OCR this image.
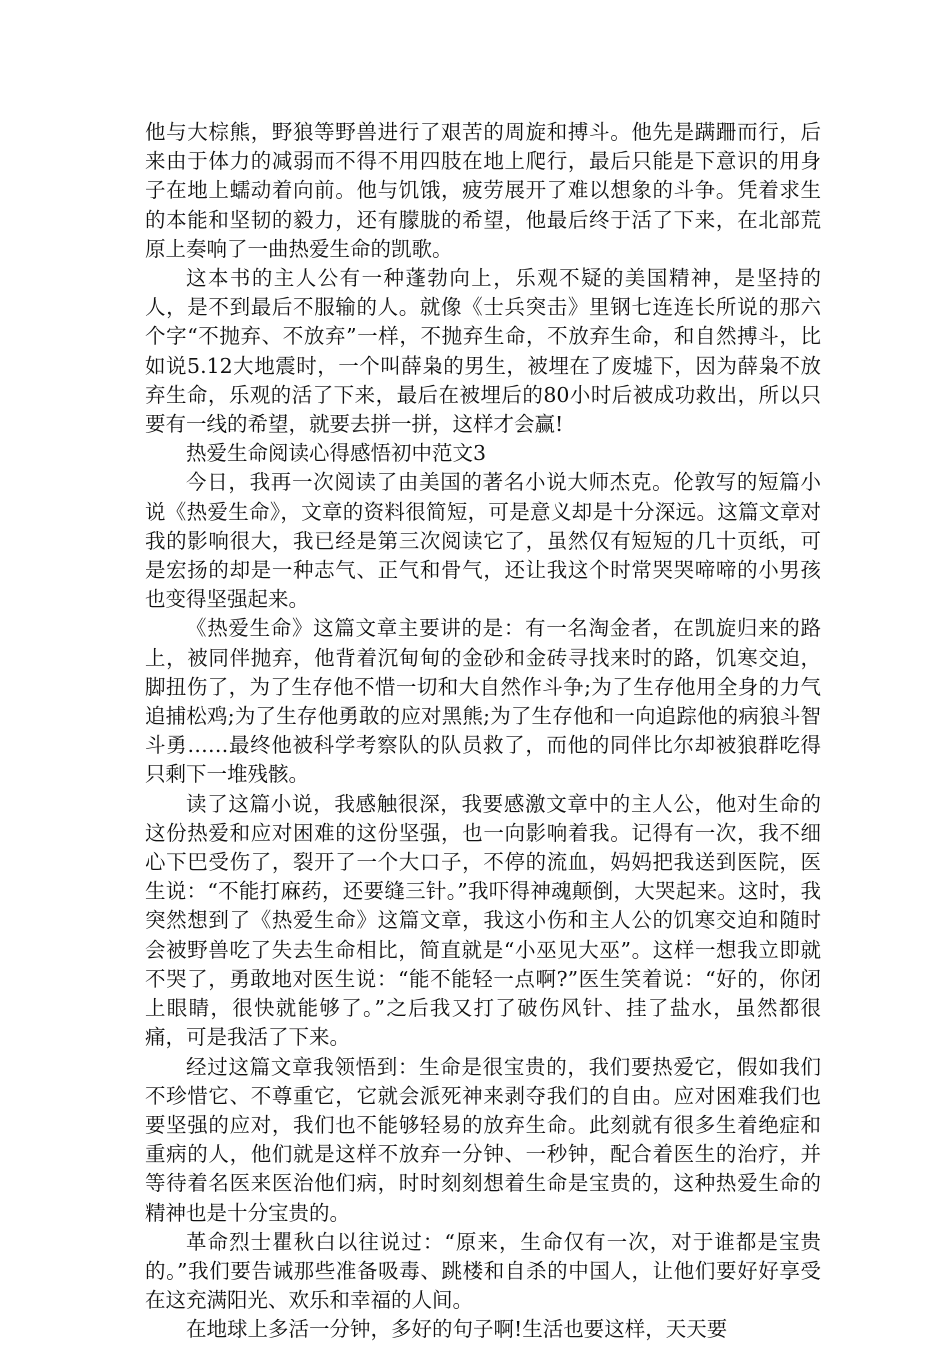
他与大棕熊，野狼等野兽进行了艰苦的周旋和搏斗。他先是蹒跚而行，后来由于体力的减弱而不得不用四肢在地上爬行，最后只能是下意识的用身子在地上蠕动着向前。他与饥饿，疲劳展开了难以想象的斗争。凭着求生的本能和坚韧的毅力，还有朦胧的希望，他最后终于活了下来，在北部荒原上奏响了一曲热爱生命的凯歌。

这本书的主人公有一种蓬勃向上，乐观不疑的美国精神，是坚持的人，是不到最后不服输的人。就像《士兵突击》里钢七连连长所说的那六个字“不抛弃、不放弃”一样，不抛弃生命，不放弃生命，和自然搏斗，比如说5.12大地震时，一个叫薛枭的男生，被埋在了废墟下，因为薛枭不放弃生命，乐观的活了下来，最后在被埋后的80小时后被成功救出，所以只要有一线的希望，就要去拼一拼，这样才会赢!

热爱生命阅读心得感悟初中范文3

今日，我再一次阅读了由美国的著名小说大师杰克。伦敦写的短篇小说《热爱生命》，文章的资料很简短，可是意义却是十分深远。这篇文章对我的影响很大，我已经是第三次阅读它了，虽然仅有短短的几十页纸，可是宏扬的却是一种志气、正气和骨气，还让我这个时常哭哭啼啼的小男孩也变得坚强起来。

《热爱生命》这篇文章主要讲的是：有一名淘金者，在凯旋归来的路上，被同伴抛弃，他背着沉甸甸的金砂和金砖寻找来时的路，饥寒交迫，脚扭伤了，为了生存他不惜一切和大自然作斗争;为了生存他用全身的力气追捕松鸡;为了生存他勇敢的应对黑熊;为了生存他和一向追踪他的病狼斗智斗勇……最终他被科学考察队的队员救了，而他的同伴比尔却被狼群吃得只剩下一堆残骸。

读了这篇小说，我感触很深，我要感激文章中的主人公，他对生命的这份热爱和应对困难的这份坚强，也一向影响着我。记得有一次，我不细心下巴受伤了，裂开了一个大口子，不停的流血，妈妈把我送到医院，医生说：“不能打麻药，还要缝三针。”我吓得神魂颠倒，大哭起来。这时，我突然想到了《热爱生命》这篇文章，我这小伤和主人公的饥寒交迫和随时会被野兽吃了失去生命相比，简直就是“小巫见大巫”。这样一想我立即就不哭了，勇敢地对医生说：“能不能轻一点啊?”医生笑着说：“好的，你闭上眼睛，很快就能够了。”之后我又打了破伤风针、挂了盐水，虽然都很痛，可是我活了下来。

经过这篇文章我领悟到：生命是很宝贵的，我们要热爱它，假如我们不珍惜它、不尊重它，它就会派死神来剥夺我们的自由。应对困难我们也要坚强的应对，我们也不能够轻易的放弃生命。此刻就有很多生着绝症和重病的人，他们就是这样不放弃一分钟、一秒钟，配合着医生的治疗，并等待着名医来医治他们病，时时刻刻想着生命是宝贵的，这种热爱生命的精神也是十分宝贵的。

革命烈士瞿秋白以往说过：“原来，生命仅有一次，对于谁都是宝贵的。”我们要告诫那些准备吸毒、跳楼和自杀的中国人，让他们要好好享受在这充满阳光、欢乐和幸福的人间。

在地球上多活一分钟，多好的句子啊!生活也要这样，天天要
